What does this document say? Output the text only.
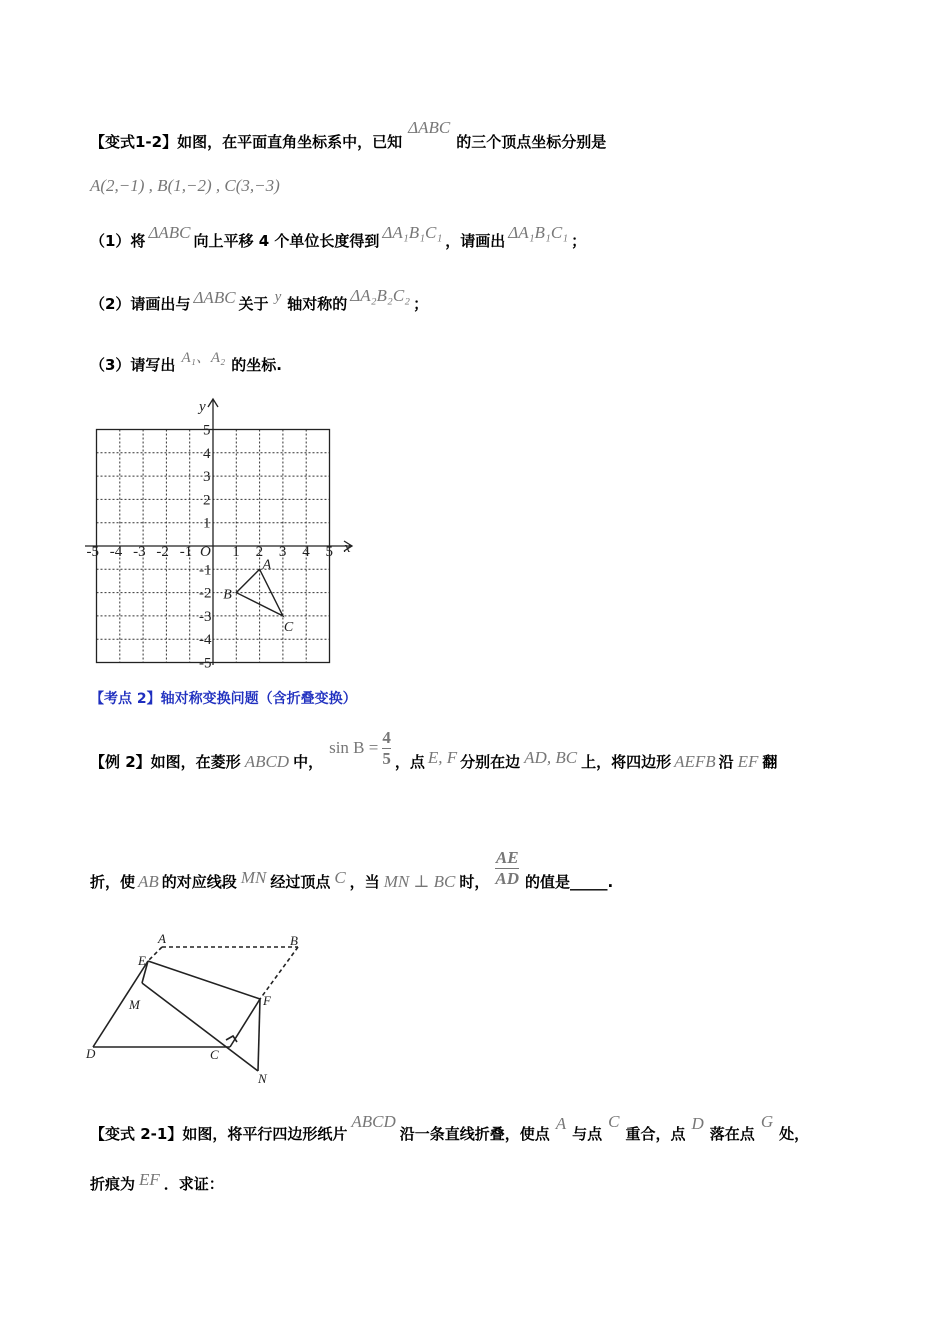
【变式1-2】如图，在平面直角坐标系中，已知ΔABC的三个顶点坐标分别是
A(2,−1) , B(1,−2) , C(3,−3)
（1）将 ΔABC 向上平移 4 个单位长度得到 ΔA₁B₁C₁ ，请画出 ΔA₁B₁C₁ ；
（2）请画出与 ΔABC 关于 y 轴对称的 ΔA₂B₂C₂ ；
（3）请写出 A₁、A₂ 的坐标.
x
y
O
-5 -4 -3 -2 -1	1 2 3 4 5
5
4
3
2
1
-1
-2
-3
-4
-5
A
B
C
【考点 2】轴对称变换问题（含折叠变换）
【例 2】如图，在菱形 ABCD 中，$\sin B = \frac{4}{5}$ ，点 E, F 分别在边 AD, BC 上，将四边形 AEFB 沿 EF 翻
折，使 AB 的对应线段 MN 经过顶点 C ，当 MN ⊥ BC 时， $\frac{AE}{AD}$ 的值是_____.
A	B
E
M	F
D	C
N
【变式 2-1】如图，将平行四边形纸片ABCD沿一条直线折叠，使点A与点C重合，点D落在点G处，
折痕为 EF ．求证：
